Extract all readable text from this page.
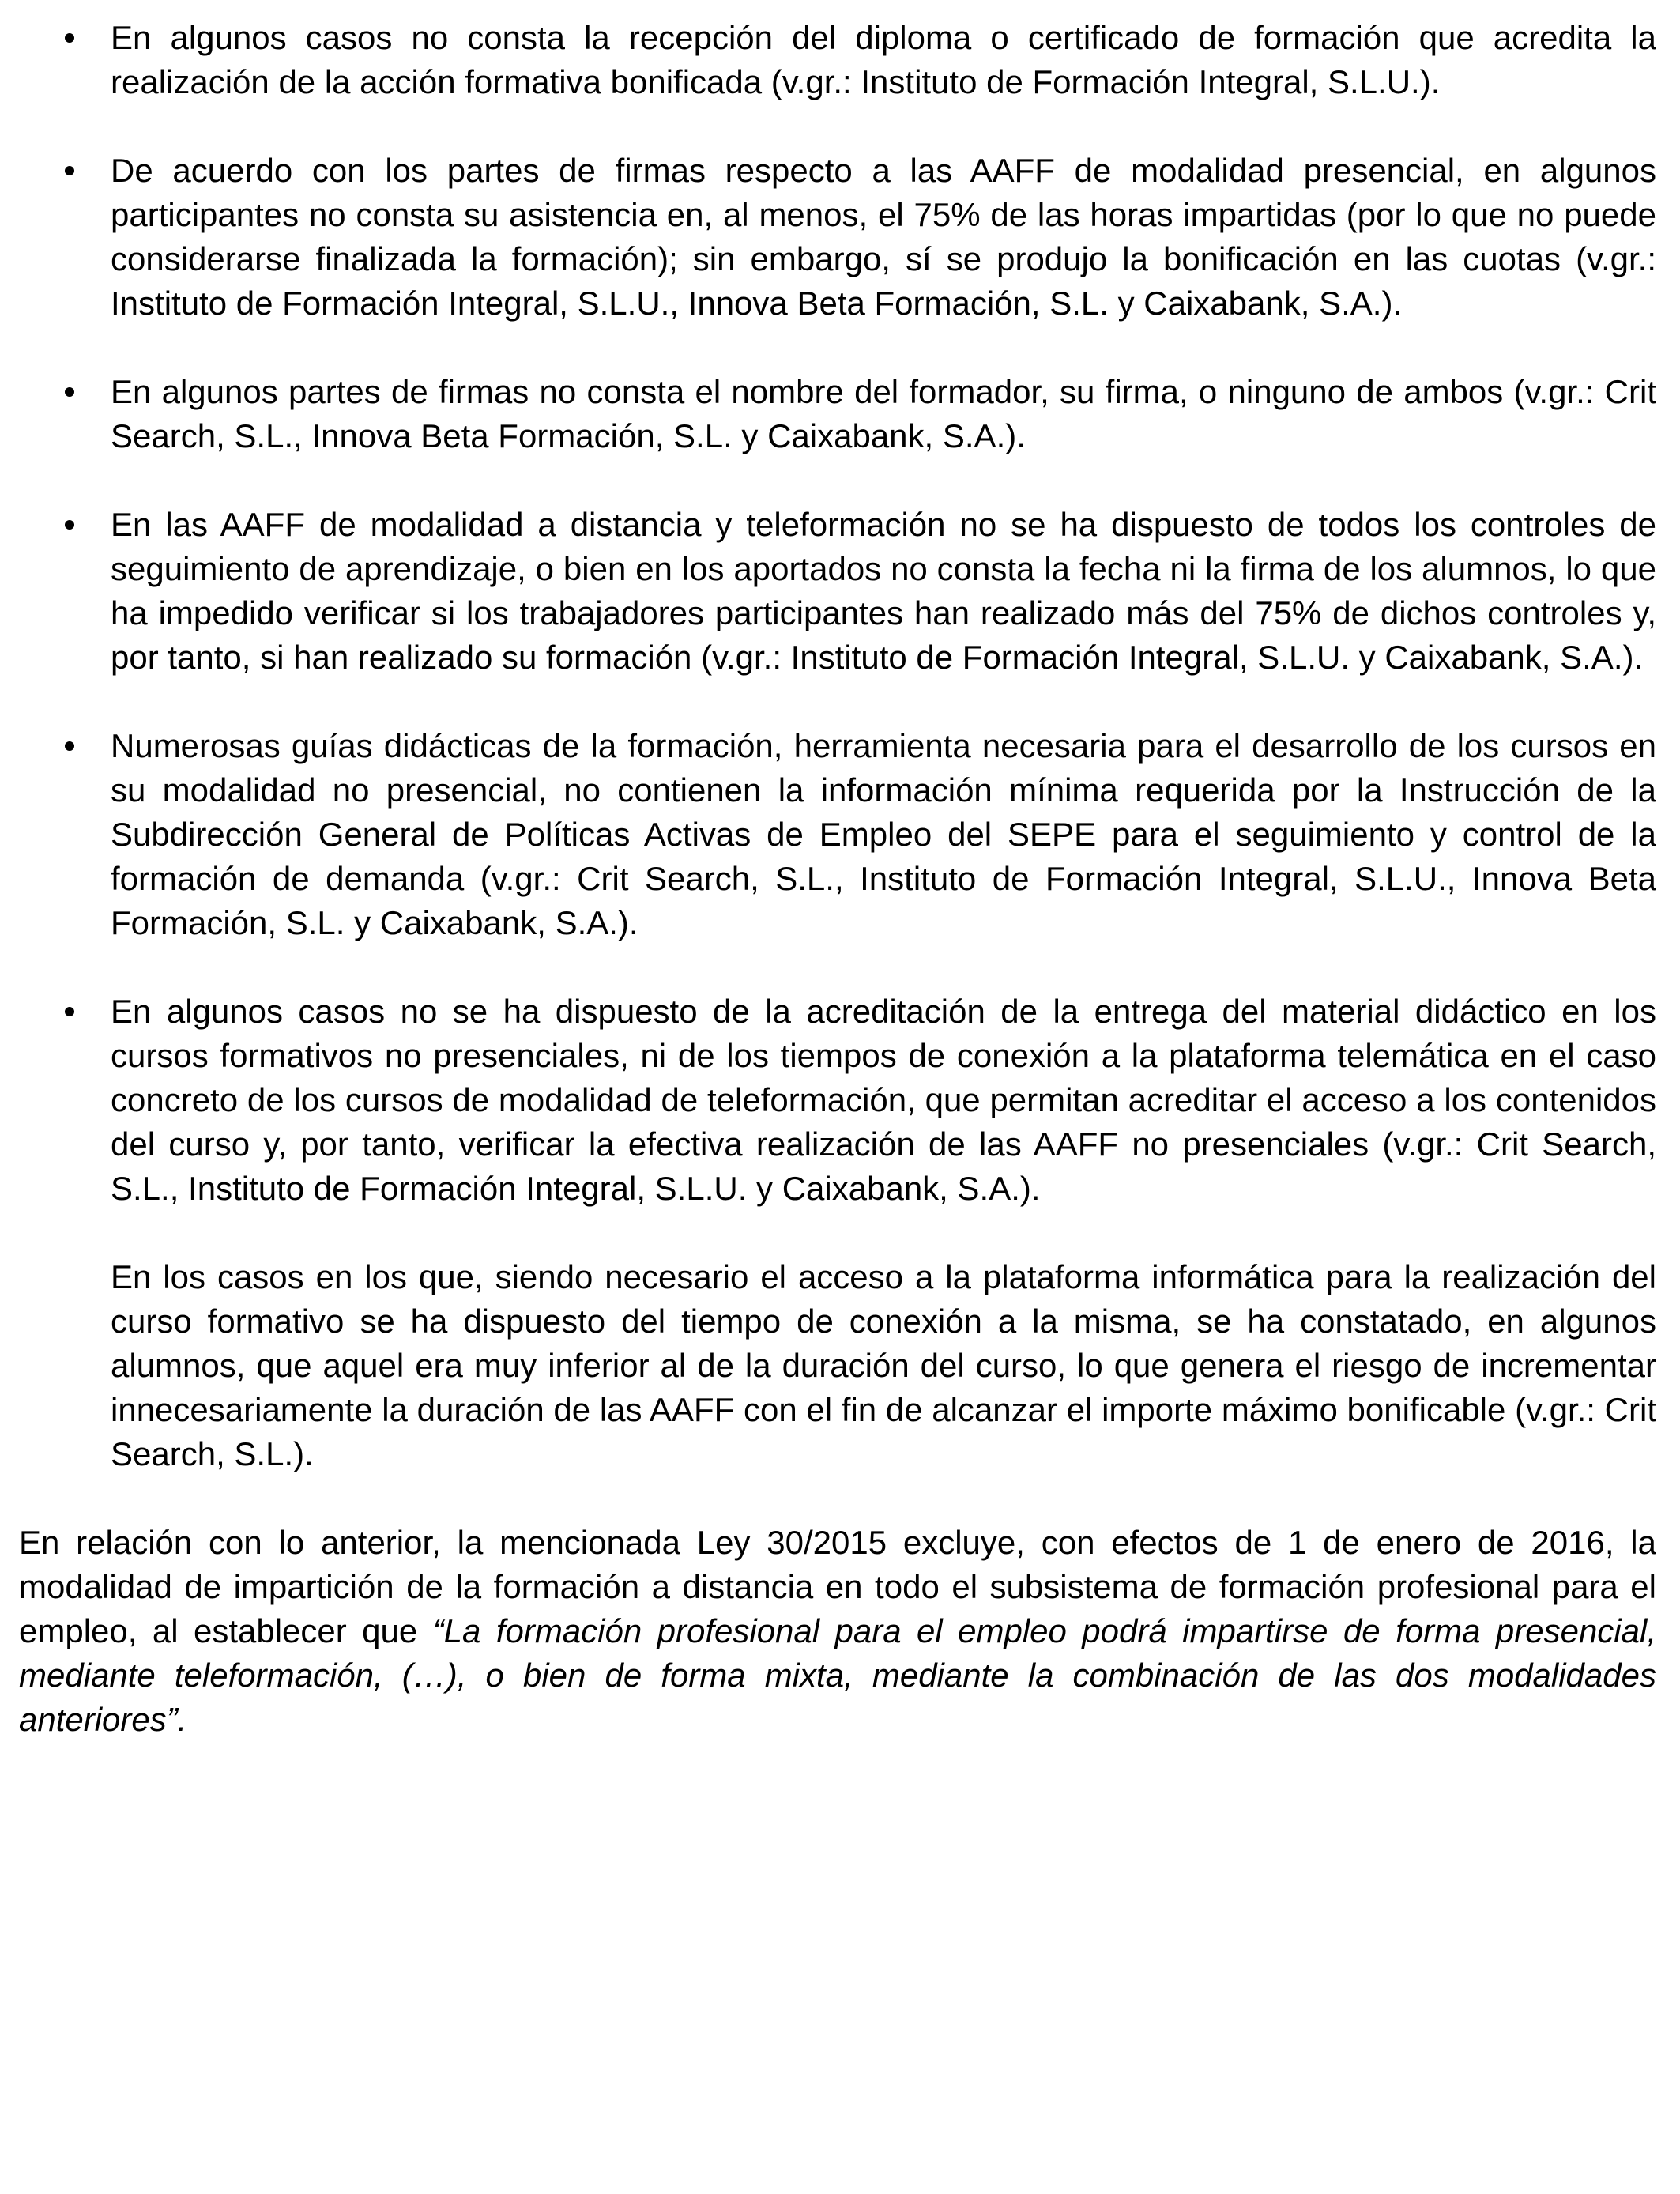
En algunos casos no consta la recepción del diploma o certificado de formación que acredita la realización de la acción formativa bonificada (v.gr.: Instituto de Formación Integral, S.L.U.).
De acuerdo con los partes de firmas respecto a las AAFF de modalidad presencial, en algunos participantes no consta su asistencia en, al menos, el 75% de las horas impartidas (por lo que no puede considerarse finalizada la formación); sin embargo, sí se produjo la bonificación en las cuotas (v.gr.: Instituto de Formación Integral, S.L.U., Innova Beta Formación, S.L. y Caixabank, S.A.).
En algunos partes de firmas no consta el nombre del formador, su firma, o ninguno de ambos (v.gr.: Crit Search, S.L., Innova Beta Formación, S.L. y Caixabank, S.A.).
En las AAFF de modalidad a distancia y teleformación no se ha dispuesto de todos los controles de seguimiento de aprendizaje, o bien en los aportados no consta la fecha ni la firma de los alumnos, lo que ha impedido verificar si los trabajadores participantes han realizado más del 75% de dichos controles y, por tanto, si han realizado su formación (v.gr.: Instituto de Formación Integral, S.L.U. y Caixabank, S.A.).
Numerosas guías didácticas de la formación, herramienta necesaria para el desarrollo de los cursos en su modalidad no presencial, no contienen la información mínima requerida por la Instrucción de la Subdirección General de Políticas Activas de Empleo del SEPE para el seguimiento y control de la formación de demanda (v.gr.: Crit Search, S.L., Instituto de Formación Integral, S.L.U., Innova Beta Formación, S.L. y Caixabank, S.A.).
En algunos casos no se ha dispuesto de la acreditación de la entrega del material didáctico en los cursos formativos no presenciales, ni de los tiempos de conexión a la plataforma telemática en el caso concreto de los cursos de modalidad de teleformación, que permitan acreditar el acceso a los contenidos del curso y, por tanto, verificar la efectiva realización de las AAFF no presenciales (v.gr.: Crit Search, S.L., Instituto de Formación Integral, S.L.U. y Caixabank, S.A.).

En los casos en los que, siendo necesario el acceso a la plataforma informática para la realización del curso formativo se ha dispuesto del tiempo de conexión a la misma, se ha constatado, en algunos alumnos, que aquel era muy inferior al de la duración del curso, lo que genera el riesgo de incrementar innecesariamente la duración de las AAFF con el fin de alcanzar el importe máximo bonificable (v.gr.: Crit Search, S.L.).

En relación con lo anterior, la mencionada Ley 30/2015 excluye, con efectos de 1 de enero de 2016, la modalidad de impartición de la formación a distancia en todo el subsistema de formación profesional para el empleo, al establecer que “La formación profesional para el empleo podrá impartirse de forma presencial, mediante teleformación, (…), o bien de forma mixta, mediante la combinación de las dos modalidades anteriores”.
